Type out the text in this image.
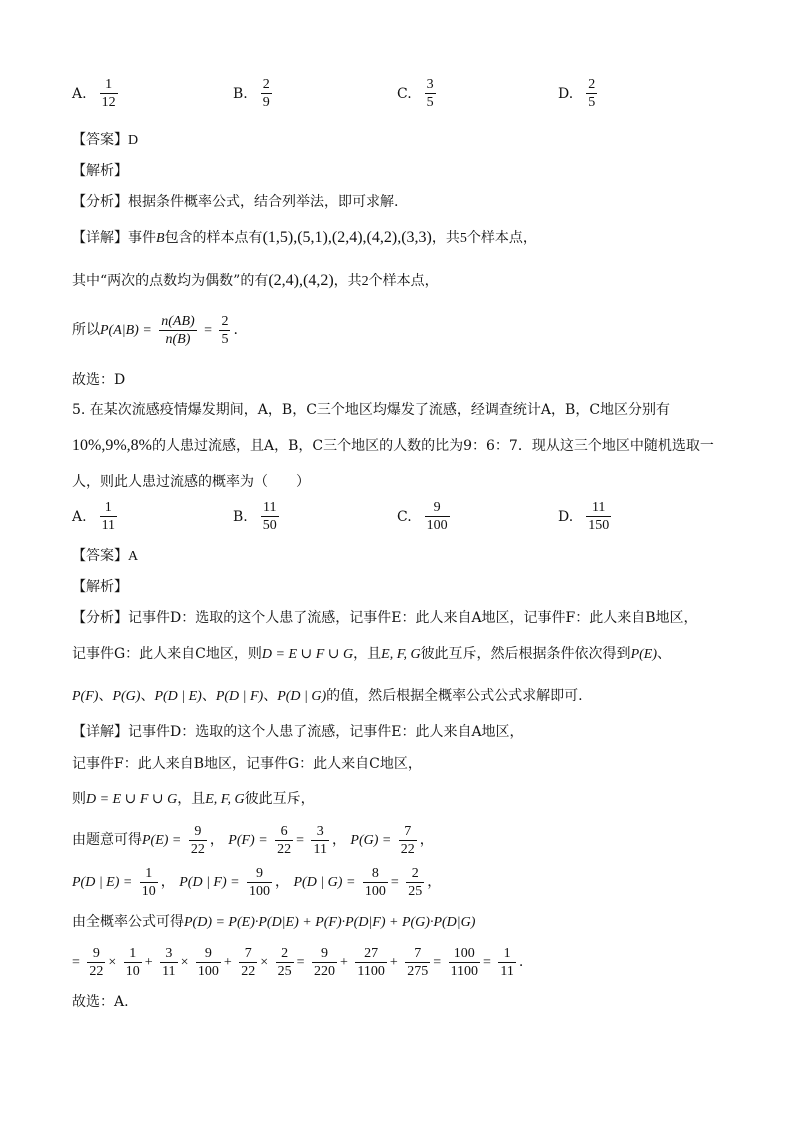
A. $\frac{1}{12}$	B. $\frac{2}{9}$	C. $\frac{3}{5}$	D. $\frac{2}{5}$
【答案】D
【解析】
【分析】根据条件概率公式，结合列举法，即可求解.
【详解】事件B包含的样本点有(1,5),(5,1),(2,4),(4,2),(3,3)，共5个样本点，
其中“两次的点数均为偶数”的有(2,4),(4,2)，共2个样本点，
所以$P(A|B) = \frac{n(AB)}{n(B)} = \frac{2}{5}$ .
故选：D
5. 在某次流感疫情爆发期间，A，B，C三个地区均爆发了流感，经调查统计A，B，C地区分别有
10%,9%,8%的人患过流感，且A，B，C三个地区的人数的比为9：6：7．现从这三个地区中随机选取一
人，则此人患过流感的概率为（　　）
A. $\frac{1}{11}$	B. $\frac{11}{50}$	C. $\frac{9}{100}$	D. $\frac{11}{150}$
【答案】A
【解析】
【分析】记事件D：选取的这个人患了流感，记事件E：此人来自A地区，记事件F：此人来自B地区，
记事件G：此人来自C地区，则D = E ∪ F ∪ G，且E, F, G彼此互斥，然后根据条件依次得到P(E)、
P(F)、P(G)、P(D | E)、P(D | F)、P(D | G)的值，然后根据全概率公式公式求解即可.
【详解】记事件D：选取的这个人患了流感，记事件E：此人来自A地区，
记事件F：此人来自B地区，记事件G：此人来自C地区，
则D = E ∪ F ∪ G，且E, F, G彼此互斥，
由题意可得$P(E) = \frac{9}{22}$ ， $P(F) = \frac{6}{22} = \frac{3}{11}$ ， $P(G) = \frac{7}{22}$ ，
P(D | $E) = \frac{1}{10}$ ， P(D | $F) = \frac{9}{100}$ ， P(D | $G) = \frac{8}{100} = \frac{2}{25}$ ，
由全概率公式可得P(D) = P(E)·P(D|E) + P(F)·P(D|F) + P(G)·P(D|G)
= $\frac{9}{22} \times \frac{1}{10} + \frac{3}{11} \times \frac{9}{100} + \frac{7}{22} \times \frac{2}{25} = \frac{9}{220} + \frac{27}{1100} + \frac{7}{275} = \frac{100}{1100} = \frac{1}{11}$ .
故选：A.
